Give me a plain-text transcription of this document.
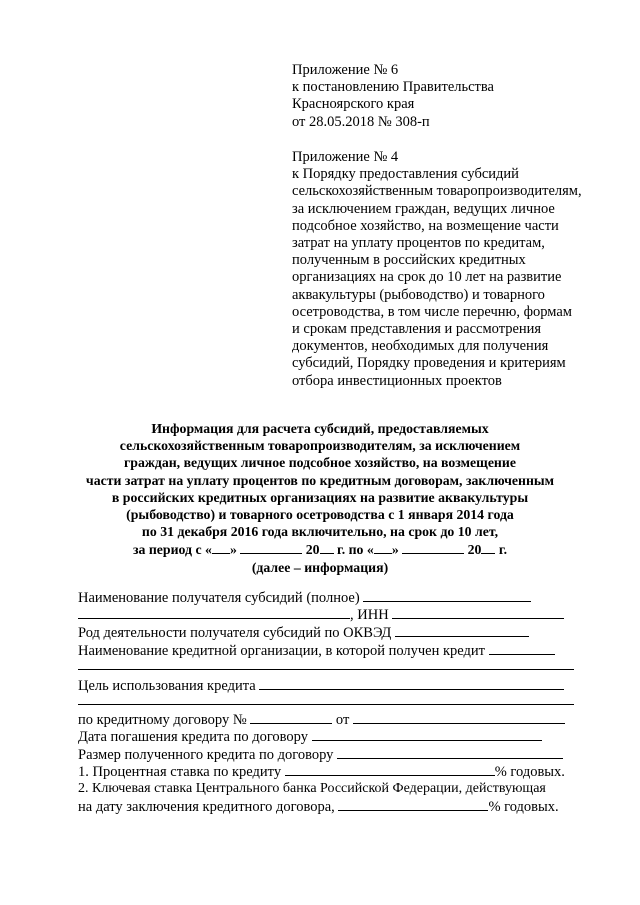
Приложение № 6
к постановлению Правительства
Красноярского края
от 28.05.2018 № 308-п
Приложение № 4
к Порядку предоставления субсидий
сельскохозяйственным товаропроизводителям,
за исключением граждан, ведущих личное
подсобное хозяйство, на возмещение части
затрат на уплату процентов по кредитам,
полученным в российских кредитных
организациях на срок до 10 лет на развитие
аквакультуры (рыбоводство) и товарного
осетроводства, в том числе перечню, формам
и срокам представления и рассмотрения
документов, необходимых для получения
субсидий, Порядку проведения и критериям
отбора инвестиционных проектов
Информация для расчета субсидий, предоставляемых
сельскохозяйственным товаропроизводителям, за исключением
граждан, ведущих личное подсобное хозяйство, на возмещение
части затрат на уплату процентов по кредитным договорам, заключенным
в российских кредитных организациях на развитие аквакультуры
(рыбоводство) и товарного осетроводства с 1 января 2014 года
по 31 декабря 2016 года включительно, на срок до 10 лет,
за период с « »	20 г. по « »	20 г.
(далее – информация)
Наименование получателя субсидий (полное)
, ИНН
Род деятельности получателя субсидий по ОКВЭД
Наименование кредитной организации, в которой получен кредит
Цель использования кредита
по кредитному договору №	от
Дата погашения кредита по договору
Размер полученного кредита по договору
1. Процентная ставка по кредиту	% годовых.
2. Ключевая ставка Центрального банка Российской Федерации, действующая
на дату заключения кредитного договора,	% годовых.
